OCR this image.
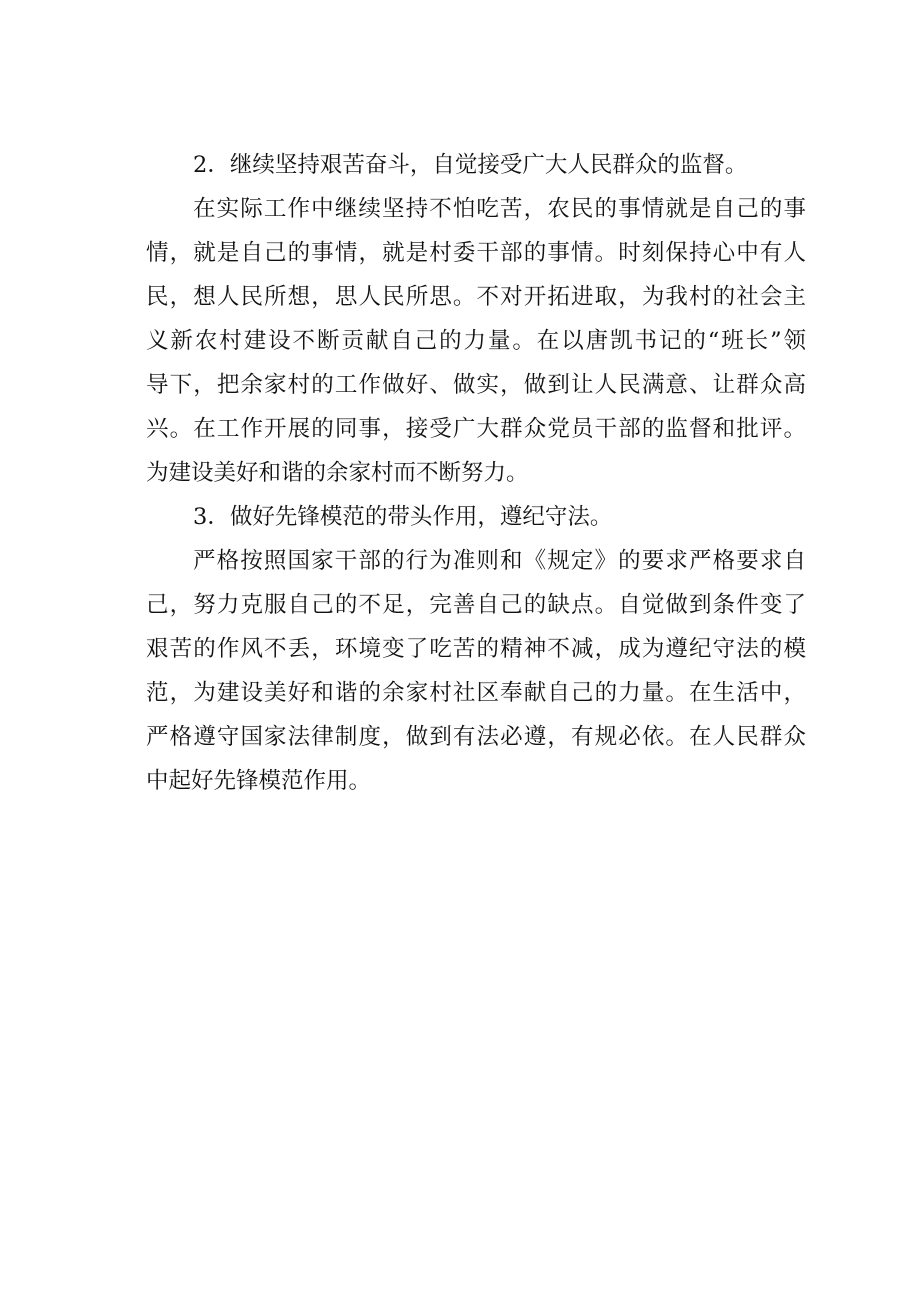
2．继续坚持艰苦奋斗，自觉接受广大人民群众的监督。
在实际工作中继续坚持不怕吃苦，农民的事情就是自己的事
情，就是自己的事情，就是村委干部的事情。时刻保持心中有人
民，想人民所想，思人民所思。不对开拓进取，为我村的社会主
义新农村建设不断贡献自己的力量。在以唐凯书记的“班长”领
导下，把余家村的工作做好、做实，做到让人民满意、让群众高
兴。在工作开展的同事，接受广大群众党员干部的监督和批评。
为建设美好和谐的余家村而不断努力。
3．做好先锋模范的带头作用，遵纪守法。
严格按照国家干部的行为准则和《规定》的要求严格要求自
己，努力克服自己的不足，完善自己的缺点。自觉做到条件变了
艰苦的作风不丢，环境变了吃苦的精神不减，成为遵纪守法的模
范，为建设美好和谐的余家村社区奉献自己的力量。在生活中，
严格遵守国家法律制度，做到有法必遵，有规必依。在人民群众
中起好先锋模范作用。
